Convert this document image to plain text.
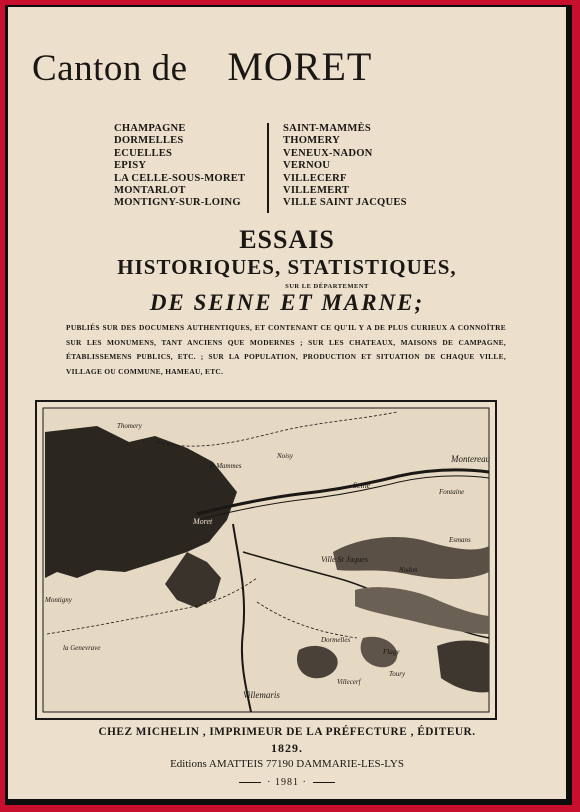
Canton de MORET
CHAMPAGNE
DORMELLES
ECUELLES
EPISY
LA CELLE-SOUS-MORET
MONTARLOT
MONTIGNY-SUR-LOING
SAINT-MAMMÈS
THOMERY
VENEUX-NADON
VERNOU
VILLECERF
VILLEMERT
VILLE SAINT JACQUES
ESSAIS
HISTORIQUES, STATISTIQUES,
SUR LE DÉPARTEMENT
DE SEINE ET MARNE;
PUBLIÉS SUR DES DOCUMENS AUTHENTIQUES, ET CONTENANT CE QU'IL Y A DE PLUS CURIEUX A CONNOÎTRE SUR LES MONUMENS, TANT ANCIENS QUE MODERNES ; SUR LES CHATEAUX, MAISONS DE CAMPAGNE, ÉTABLISSEMENS PUBLICS, ETC. ; SUR LA POPULATION, PRODUCTION ET SITUATION DE CHAQUE VILLE, VILLAGE OU COMMUNE, HAMEAU, ETC.
Montereau
Seine
Moret
St Mammes
Ville St Jaques
Montigny
la Genevrave
Villemaris
Dormelles
Villecerf
Toury
Nodon
Esmans
Fontaine
Flagy
Noisy
Thomery
CHEZ MICHELIN , IMPRIMEUR DE LA PRÉFECTURE , ÉDITEUR.
1829.
Editions AMATTEIS 77190 DAMMARIE-LES-LYS
· 1981 ·
